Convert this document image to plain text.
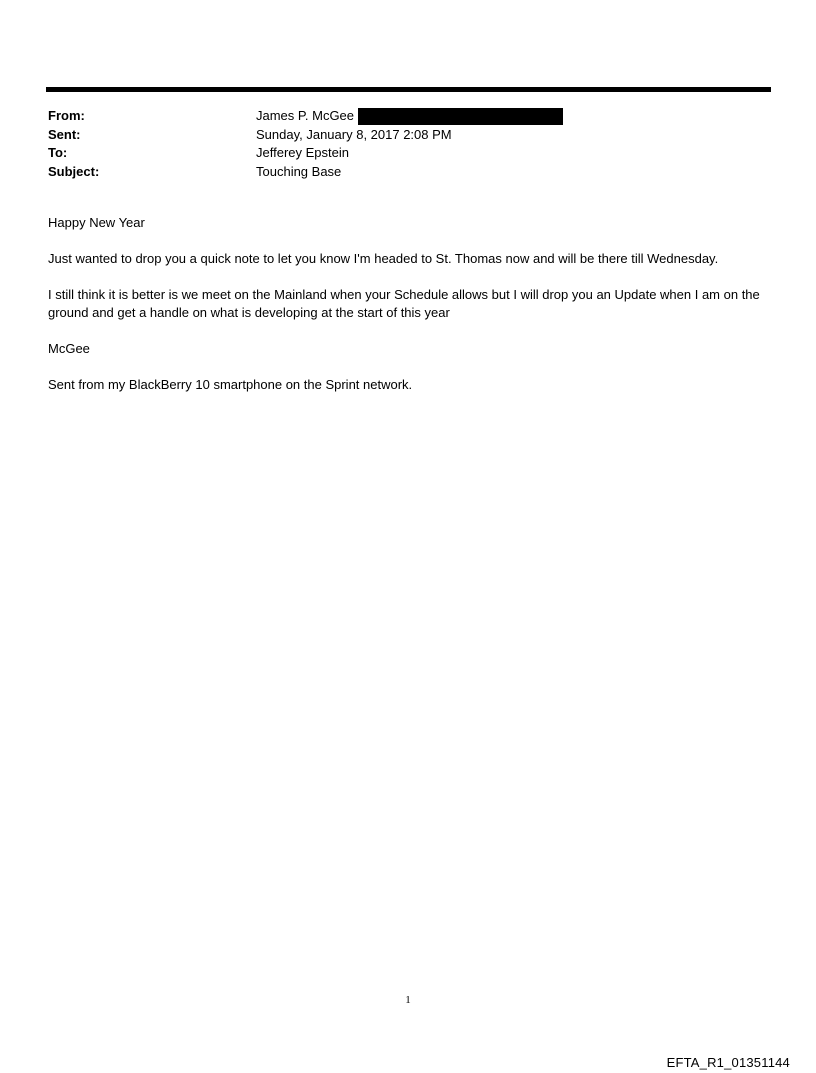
From:	James P. McGee
Sent:	Sunday, January 8, 2017 2:08 PM
To:	Jefferey Epstein
Subject:	Touching Base

Happy New Year

Just wanted to drop you a quick note to let you know I'm headed to St. Thomas now and will be there till Wednesday.

I still think it is better is we meet on the Mainland when your Schedule allows but I will drop you an Update when I am on the ground and get a handle on what is developing at the start of this year

McGee

Sent from my BlackBerry 10 smartphone on the Sprint network.

1
EFTA_R1_01351144
